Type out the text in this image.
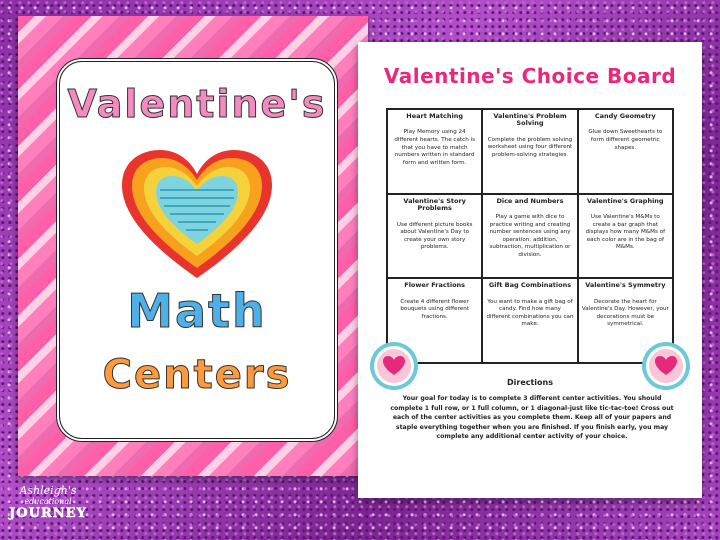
Valentine's
Math
Centers
Valentine's Choice Board
Heart Matching
Play Memory using 24 different hearts. The catch is that you have to match numbers written in standard form and written form.
Valentine's Problem Solving
Complete the problem solving worksheet using four different problem-solving strategies.
Candy Geometry
Glue down Sweethearts to form different geometric shapes.
Valentine's Story Problems
Use different picture books about Valentine's Day to create your own story problems.
Dice and Numbers
Play a game with dice to practice writing and creating number sentences using any operation: addition, subtraction, multiplication or division.
Valentine's Graphing
Use Valentine's M&Ms to create a bar graph that displays how many M&Ms of each color are in the bag of M&Ms.
Flower Fractions
Create 4 different flower bouquets using different fractions.
Gift Bag Combinations
You want to make a gift bag of candy. Find how many different combinations you can make.
Valentine's Symmetry
Decorate the heart for Valentine's Day. However, your decorations must be symmetrical.
Directions
Your goal for today is to complete 3 different center activities. You should complete 1 full row, or 1 full column, or 1 diagonal-just like tic-tac-toe! Cross out each of the center activities as you complete them. Keep all of your papers and staple everything together when you are finished. If you finish early, you may complete any additional center activity of your choice.
Ashleigh's
educational
JOURNEY
